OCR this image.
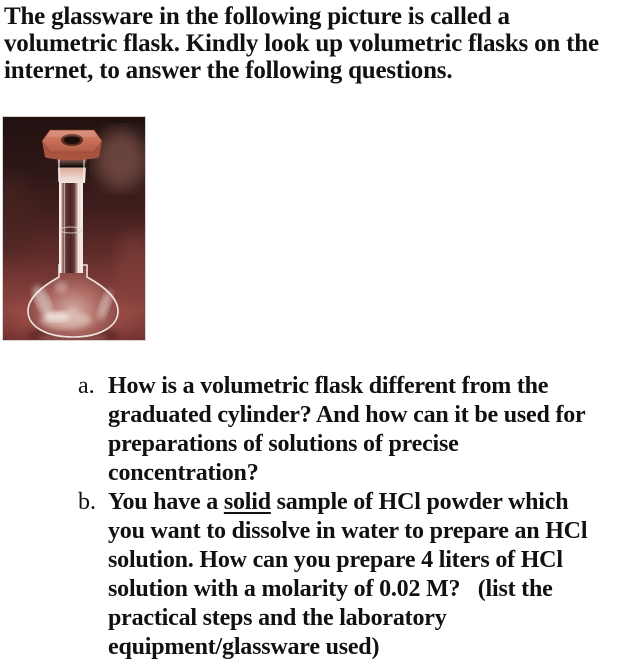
The glassware in the following picture is called a
volumetric flask. Kindly look up volumetric flasks on the
internet, to answer the following questions.
a. How is a volumetric flask different from the
graduated cylinder? And how can it be used for
preparations of solutions of precise
concentration?
b. You have a solid sample of HCl powder which
you want to dissolve in water to prepare an HCl
solution. How can you prepare 4 liters of HCl
solution with a molarity of 0.02 M?   (list the
practical steps and the laboratory
equipment/glassware used)
